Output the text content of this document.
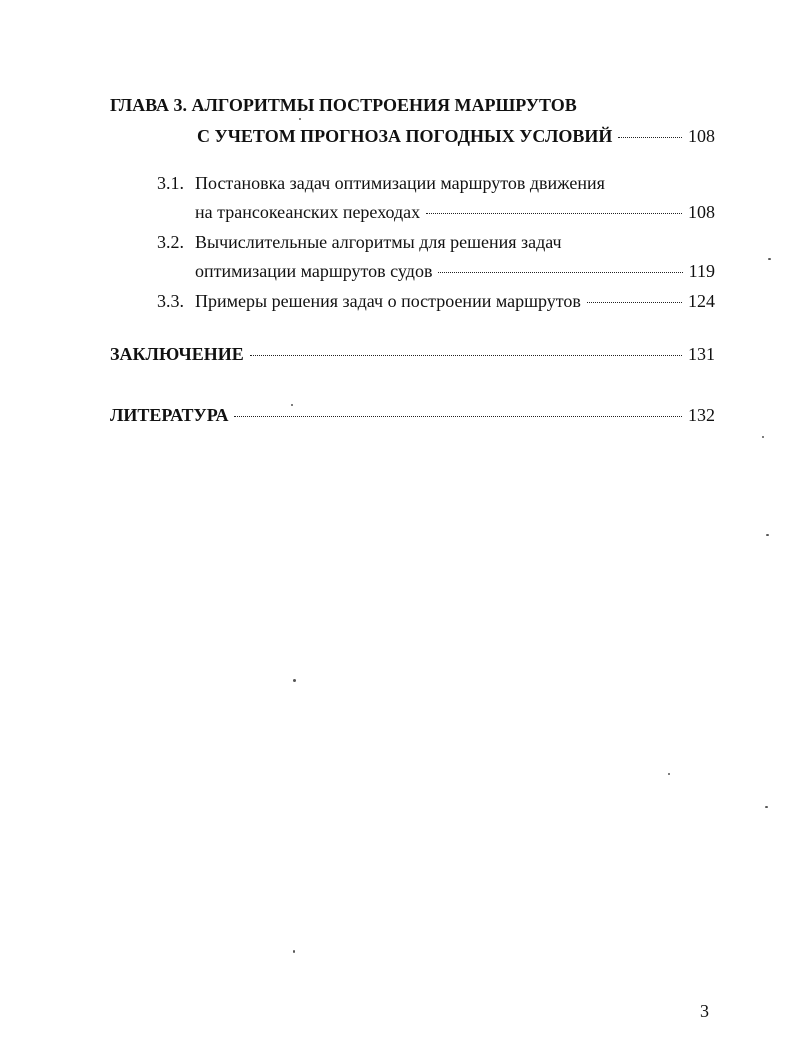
ГЛАВА 3. АЛГОРИТМЫ ПОСТРОЕНИЯ МАРШРУТОВ
С УЧЕТОМ ПРОГНОЗА ПОГОДНЫХ УСЛОВИЙ	108
3.1. Постановка задач оптимизации маршрутов движения
на трансокеанских переходах	108
3.2. Вычислительные алгоритмы для решения задач
оптимизации маршрутов судов	119
3.3. Примеры решения задач о построении маршрутов	124
ЗАКЛЮЧЕНИЕ	131
ЛИТЕРАТУРА	132
3
